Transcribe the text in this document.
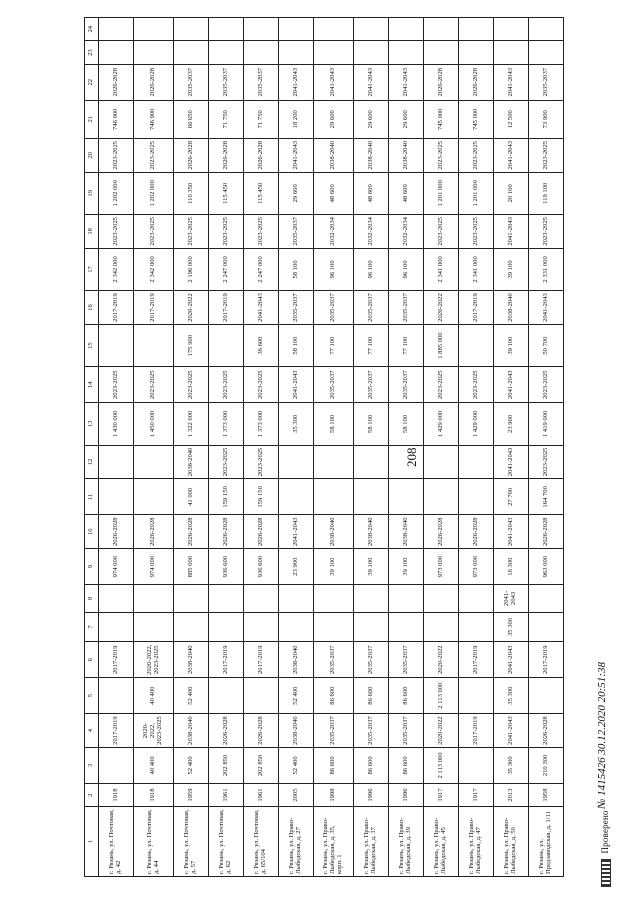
208
1	2	3	4	5	6	7	8	9	10	11	12	13	14	15	16	17	18	19	20	21	22	23	24
г. Рязань, ул. Почтовая, д. 42	1918		2017-2019		2017-2019			974 000	2026-2028			1 430 000	2023-2025		2017-2019	2 342 000	2023-2025	1 202 000	2023-2025	746 900	2026-2028		
г. Рязань, ул. Почтовая, д. 44	1918	40 400	2020-2022, 2023-2025	40 400	2020-2022, 2023-2025			974 000	2026-2028			1 450 000	2023-2025		2017-2019	2 342 000	2023-2025	1 202 000	2023-2025	746 900	2026-2028		
г. Рязань, ул. Почтовая, д. 57	1959	52 400	2038-2040	52 400	2038-2040			885 000	2026-2028	41 000	2038-2040	1 322 000	2023-2025	175 900	2020-2022	2 196 000	2023-2025	110 350	2026-2028	66 650	2035-2037		
г. Рязань, ул. Почтовая, д. 62	1961	202 850	2026-2028		2017-2019			936 600	2026-2028	159 150	2023-2025	1 373 000	2023-2025		2017-2019	2 247 000	2023-2025	115 450	2026-2028	71 750	2035-2037		
г. Рязань, ул. Почтовая, д. 65/104	1961	202 850	2026-2028		2017-2019			936 600	2026-2028	159 150	2023-2025	1 373 000	2023-2025	36 600	2041-2043	2 247 000	2023-2025	115 450	2026-2028	71 750	2035-2037		
г. Рязань, ул. Право-Лыбедская, д. 27	2005	52 400	2038-2040	52 400	2038-2040			23 900	2041-2043			35 300	2041-2043	58 100	2035-2037	58 100	2035-2037	29 600	2041-2043	18 200	2041-2043		
г. Рязань, ул. Право-Лыбедская, д. 35, корп. 1	1998	86 600	2035-2037	86 600	2035-2037			39 100	2038-2040			58 100	2035-2037	77 100	2035-2037	96 100	2032-2034	48 600	2038-2040	29 600	2041-2043		
г. Рязань, ул. Право-Лыбедская, д. 37	1996	86 600	2035-2037	86 600	2035-2037			39 100	2038-2040			58 100	2035-2037	77 100	2035-2037	96 100	2032-2034	48 600	2038-2040	29 600	2041-2043		
г. Рязань, ул. Право-Лыбедская, д. 39	1996	86 600	2035-2037	86 600	2035-2037			39 100	2038-2040			58 100	2035-2037	77 100	2035-2037	96 100	2032-2034	48 600	2038-2040	29 600	2041-2043		
г. Рязань, ул. Право-Лыбедская, д. 45	1917	2 113 000	2020-2022	2 113 000	2020-2022			973 000	2026-2028			1 429 000	2023-2025	1 885 000	2020-2022	2 341 000	2023-2025	1 201 000	2023-2025	745 000	2026-2028		
г. Рязань, ул. Право-Лыбедская, д. 47	1917		2017-2019		2017-2019			973 000	2026-2028			1 429 000	2023-2025		2017-2019	2 341 000	2023-2025	1 201 000	2023-2025	745 000	2026-2028		
г. Рязань, ул. Право-Лыбедская, д. 50	2013	35 300	2041-2043	35 300	2041-2043	35 300	2041-2043	16 300	2041-2043	27 700	2041-2043	23 900	2041-2043	39 100	2038-2040	39 100	2041-2043	20 100	2041-2043	12 500	2041-2043		
г. Рязань, ул. Предзаводская, д. 1/11	1958	210 300	2026-2028		2017-2019			963 000	2026-2028	164 700	2023-2025	1 419 000	2023-2025	50 700	2041-2043	2 331 000	2023-2025	119 100	2023-2025	73 900	2035-2037		
Проверено
№ 1415426 30.12.2020 20:51:38
